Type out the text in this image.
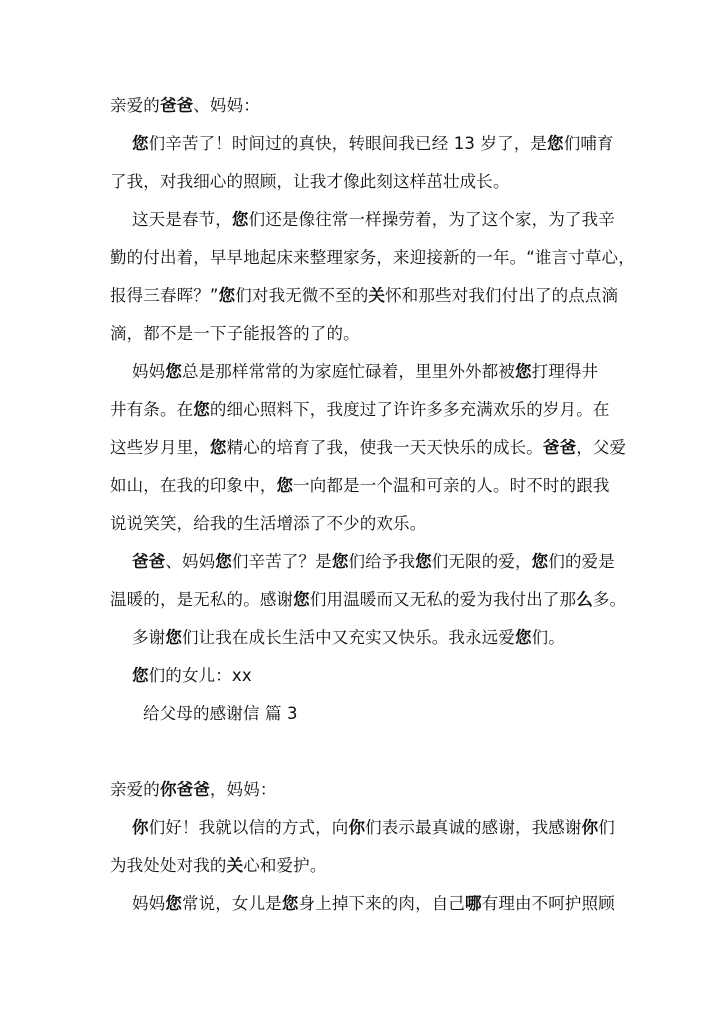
亲爱的爸爸、妈妈：
您们辛苦了！时间过的真快，转眼间我已经 13 岁了，是您们哺育
了我，对我细心的照顾，让我才像此刻这样茁壮成长。
这天是春节，您们还是像往常一样操劳着，为了这个家，为了我辛
勤的付出着，早早地起床来整理家务，来迎接新的一年。“谁言寸草心，
报得三春晖？”您们对我无微不至的关怀和那些对我们付出了的点点滴
滴，都不是一下子能报答的了的。
妈妈您总是那样常常的为家庭忙碌着，里里外外都被您打理得井
井有条。在您的细心照料下，我度过了许许多多充满欢乐的岁月。在
这些岁月里，您精心的培育了我，使我一天天快乐的成长。爸爸，父爱
如山，在我的印象中，您一向都是一个温和可亲的人。时不时的跟我
说说笑笑，给我的生活增添了不少的欢乐。
爸爸、妈妈您们辛苦了？是您们给予我您们无限的爱，您们的爱是
温暖的，是无私的。感谢您们用温暖而又无私的爱为我付出了那么多。
多谢您们让我在成长生活中又充实又快乐。我永远爱您们。
您们的女儿：xx
给父母的感谢信 篇 3
亲爱的你爸爸，妈妈：
你们好！我就以信的方式，向你们表示最真诚的感谢，我感谢你们
为我处处对我的关心和爱护。
妈妈您常说，女儿是您身上掉下来的肉，自己哪有理由不呵护照顾
